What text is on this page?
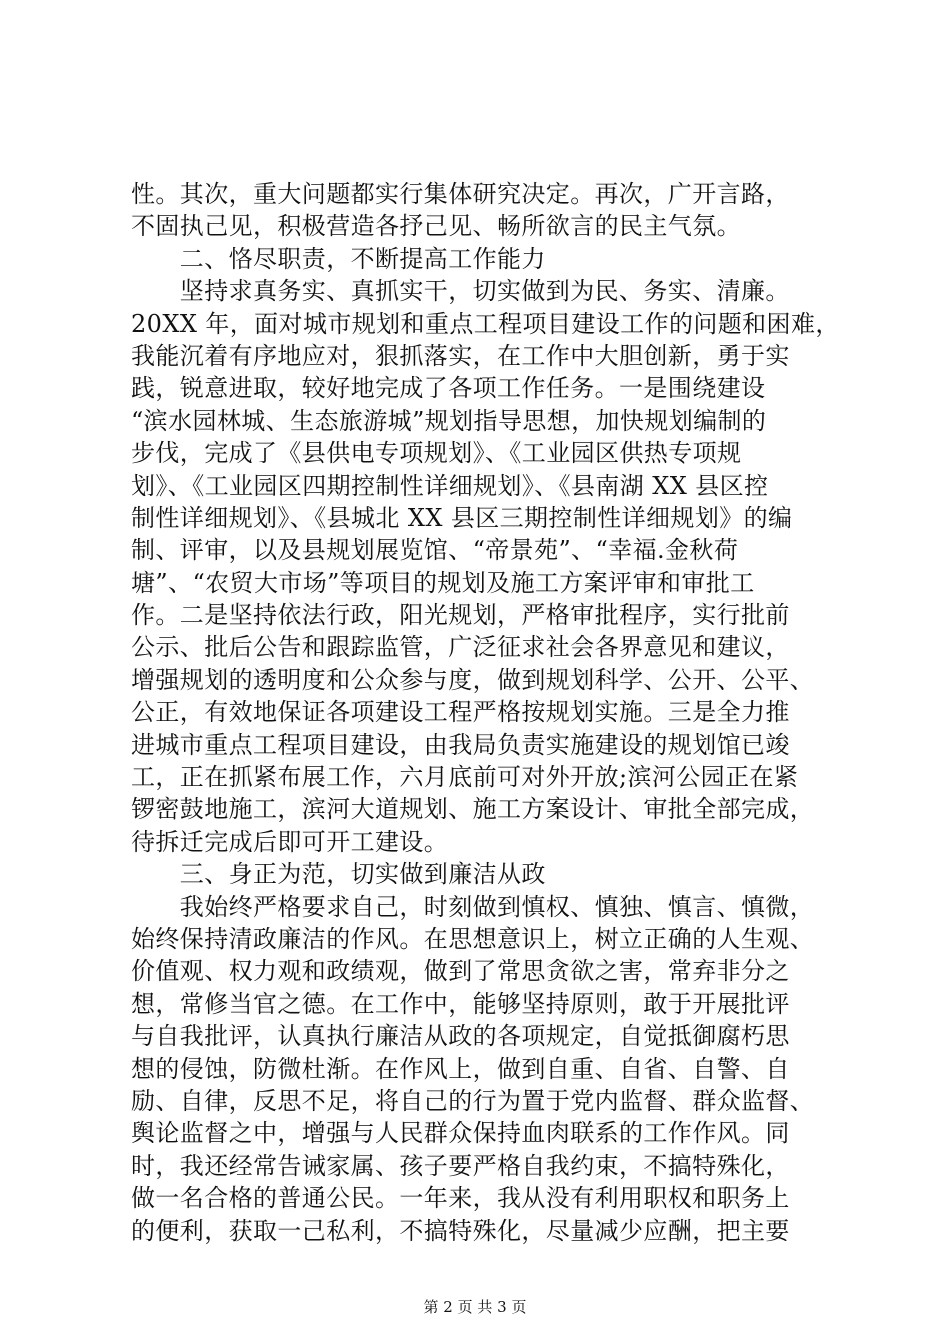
性。其次，重大问题都实行集体研究决定。再次，广开言路，
不固执己见，积极营造各抒己见、畅所欲言的民主气氛。
　　二、恪尽职责，不断提高工作能力
　　坚持求真务实、真抓实干，切实做到为民、务实、清廉。
20XX 年，面对城市规划和重点工程项目建设工作的问题和困难，
我能沉着有序地应对，狠抓落实，在工作中大胆创新，勇于实
践，锐意进取，较好地完成了各项工作任务。一是围绕建设
“滨水园林城、生态旅游城”规划指导思想，加快规划编制的
步伐，完成了《县供电专项规划》、《工业园区供热专项规
划》、《工业园区四期控制性详细规划》、《县南湖 XX 县区控
制性详细规划》、《县城北 XX 县区三期控制性详细规划》的编
制、评审，以及县规划展览馆、“帝景苑”、“幸福.金秋荷
塘”、“农贸大市场”等项目的规划及施工方案评审和审批工
作。二是坚持依法行政，阳光规划，严格审批程序，实行批前
公示、批后公告和跟踪监管，广泛征求社会各界意见和建议，
增强规划的透明度和公众参与度，做到规划科学、公开、公平、
公正，有效地保证各项建设工程严格按规划实施。三是全力推
进城市重点工程项目建设，由我局负责实施建设的规划馆已竣
工，正在抓紧布展工作，六月底前可对外开放;滨河公园正在紧
锣密鼓地施工，滨河大道规划、施工方案设计、审批全部完成，
待拆迁完成后即可开工建设。
　　三、身正为范，切实做到廉洁从政
　　我始终严格要求自己，时刻做到慎权、慎独、慎言、慎微，
始终保持清政廉洁的作风。在思想意识上，树立正确的人生观、
价值观、权力观和政绩观，做到了常思贪欲之害，常弃非分之
想，常修当官之德。在工作中，能够坚持原则，敢于开展批评
与自我批评，认真执行廉洁从政的各项规定，自觉抵御腐朽思
想的侵蚀，防微杜渐。在作风上，做到自重、自省、自警、自
励、自律，反思不足，将自己的行为置于党内监督、群众监督、
舆论监督之中，增强与人民群众保持血肉联系的工作作风。同
时，我还经常告诫家属、孩子要严格自我约束，不搞特殊化，
做一名合格的普通公民。一年来，我从没有利用职权和职务上
的便利，获取一己私利，不搞特殊化，尽量减少应酬，把主要
第 2 页 共 3 页
